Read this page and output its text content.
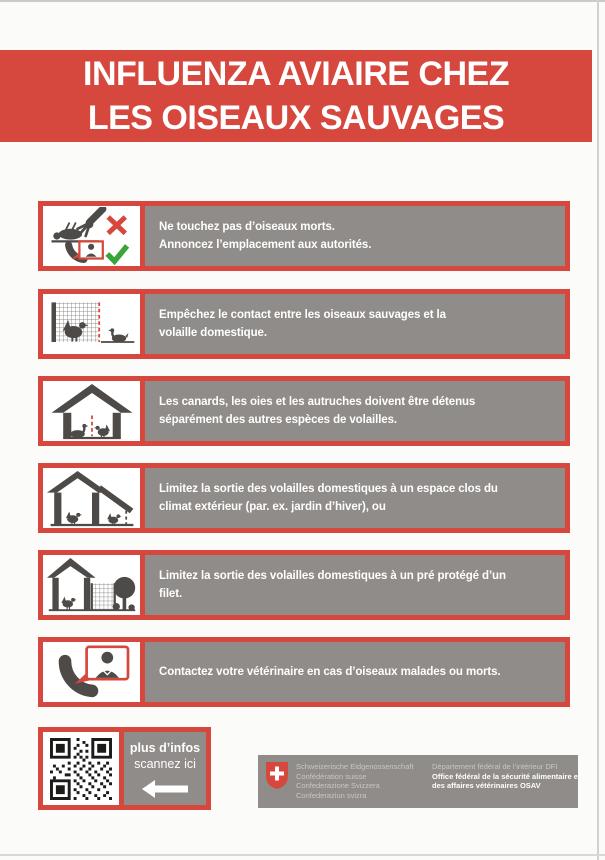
INFLUENZA AVIAIRE CHEZ
LES OISEAUX SAUVAGES
Ne touchez pas d’oiseaux morts.
Annoncez l’emplacement aux autorités.
Empêchez le contact entre les oiseaux sauvages et la
volaille domestique.
Les canards, les oies et les autruches doivent être détenus
séparément des autres espèces de volailles.
Limitez la sortie des volailles domestiques à un espace clos du
climat extérieur (par. ex. jardin d’hiver), ou
Limitez la sortie des volailles domestiques à un pré protégé d’un
filet.
Contactez votre vétérinaire en cas d’oiseaux malades ou morts.
plus d’infos
scannez ici	Schweizerische Eidgenossenschaft
Confédération suisse
Confederazione Svizzera
Confederaziun svizra
Département fédéral de l’intérieur DFI
Office fédéral de la sécurité alimentaire et
des affaires vétérinaires OSAV
